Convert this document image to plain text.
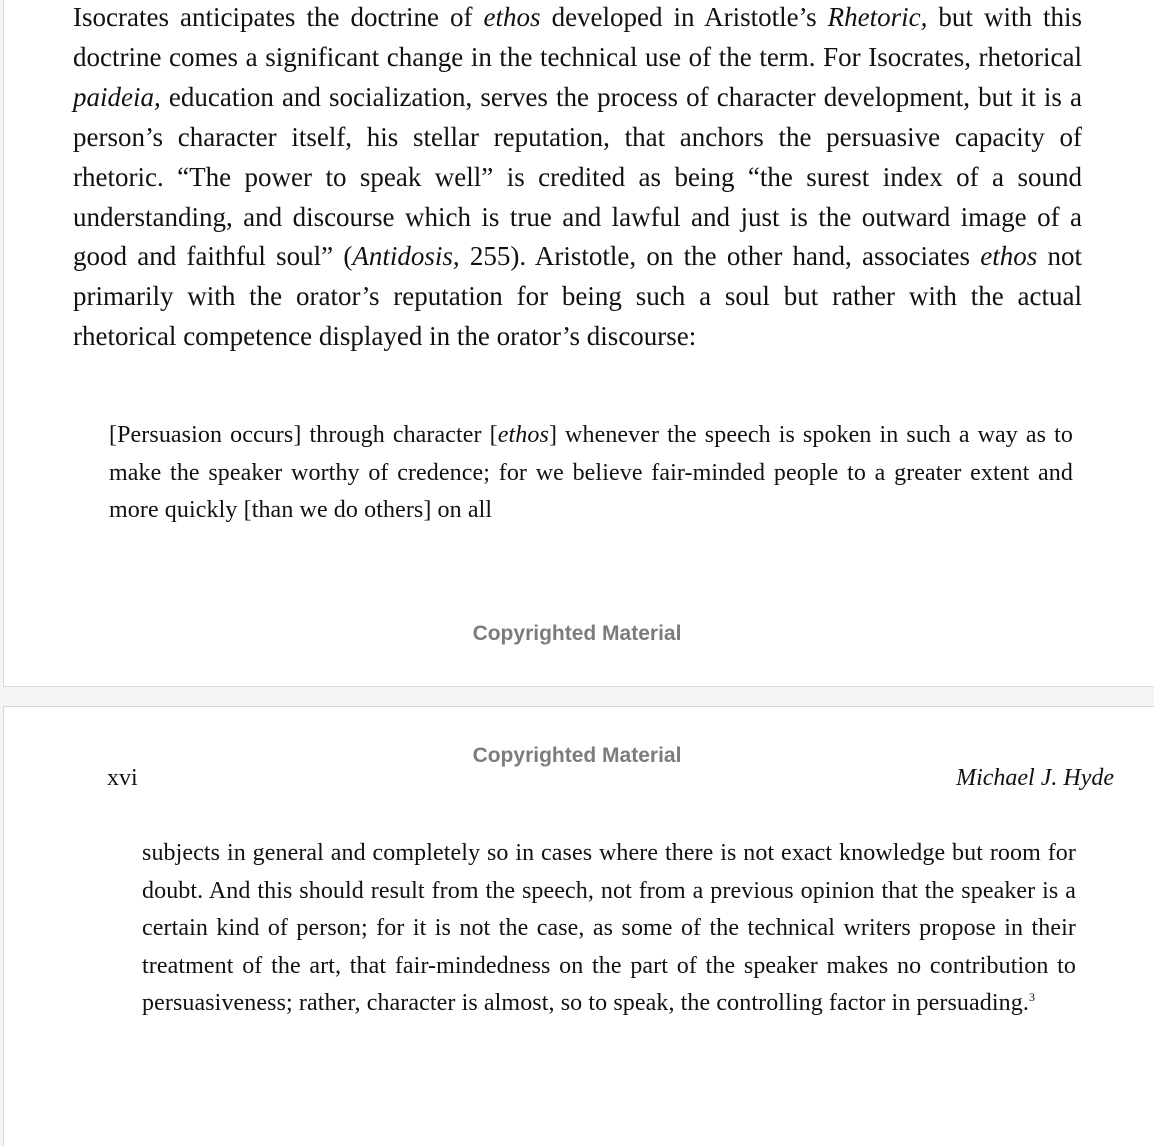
Isocrates anticipates the doctrine of ethos developed in Aristotle’s Rhetoric, but with this doctrine comes a significant change in the technical use of the term. For Isocrates, rhetorical paideia, education and socialization, serves the process of character development, but it is a person’s character itself, his stellar reputation, that anchors the persuasive capacity of rhetoric. “The power to speak well” is credited as being “the surest index of a sound understanding, and discourse which is true and lawful and just is the outward image of a good and faithful soul” (Antidosis, 255). Aristotle, on the other hand, associates ethos not primarily with the orator’s reputation for being such a soul but rather with the actual rhetorical competence displayed in the orator’s discourse:

[Persuasion occurs] through character [ethos] whenever the speech is spoken in such a way as to make the speaker worthy of credence; for we believe fair-minded people to a greater extent and more quickly [than we do others] on all

Copyrighted Material
Copyrighted Material
xvi	Michael J. Hyde

subjects in general and completely so in cases where there is not exact knowledge but room for doubt. And this should result from the speech, not from a previous opinion that the speaker is a certain kind of person; for it is not the case, as some of the technical writers propose in their treatment of the art, that fair-mindedness on the part of the speaker makes no contribution to persuasiveness; rather, character is almost, so to speak, the controlling factor in persuading.$^3$
